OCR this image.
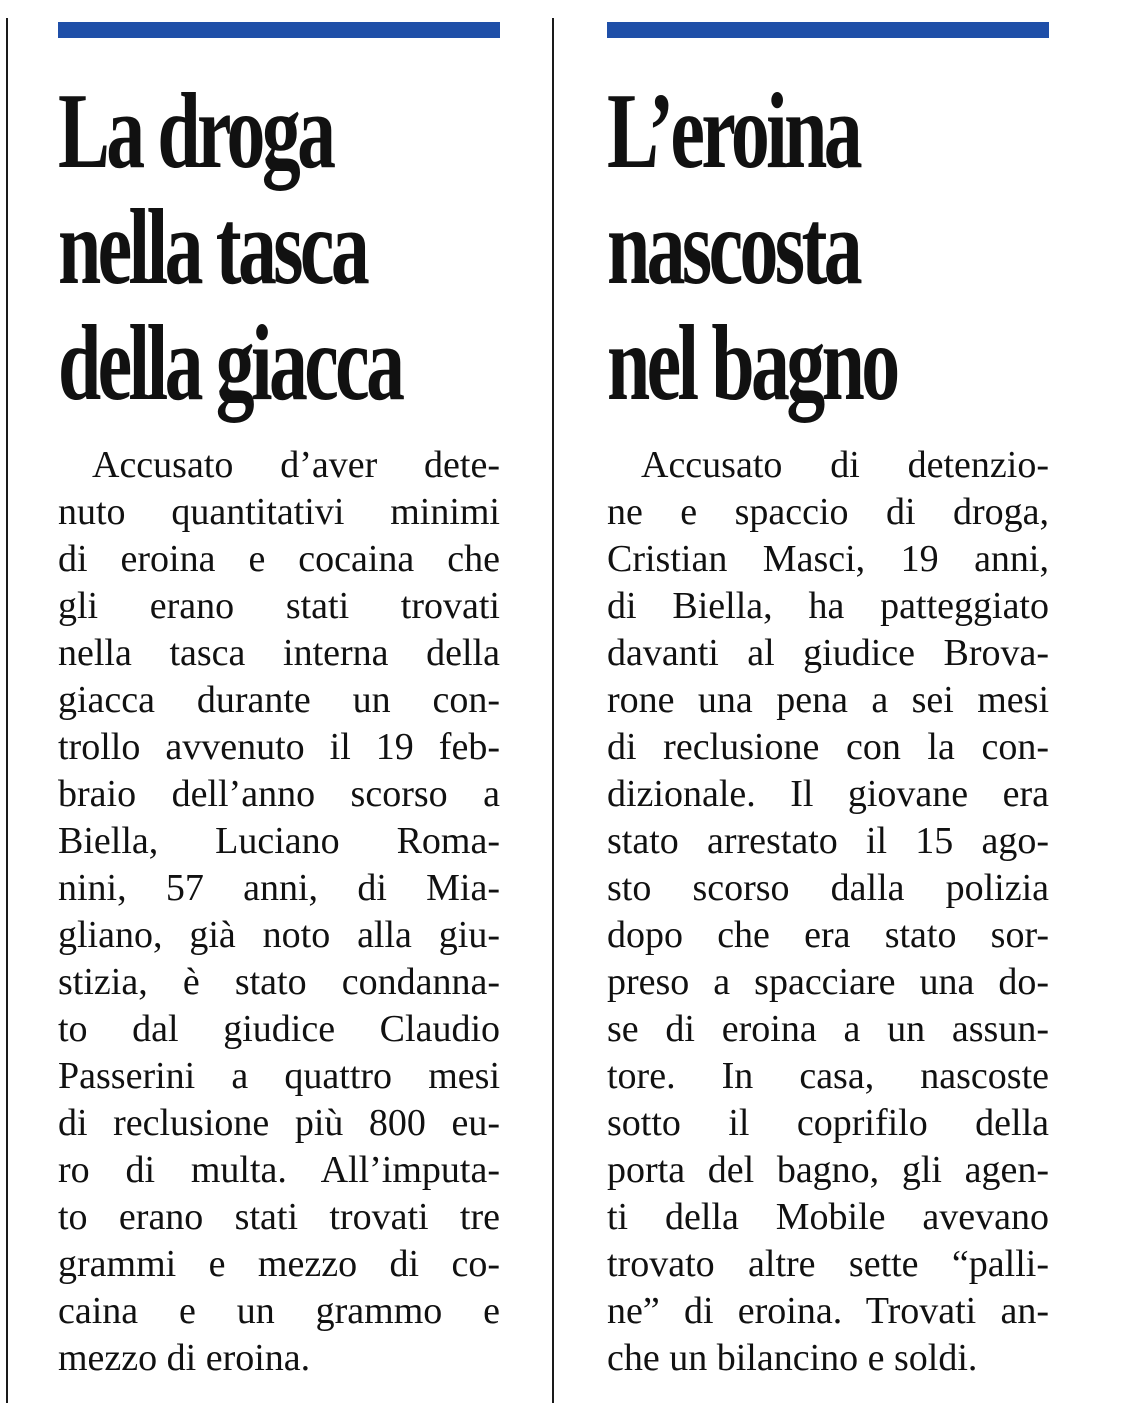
La droga
nella tasca
della giacca
Accusato d’aver dete-
nuto quantitativi minimi
di eroina e cocaina che
gli erano stati trovati
nella tasca interna della
giacca durante un con-
trollo avvenuto il 19 feb-
braio dell’anno scorso a
Biella, Luciano Roma-
nini, 57 anni, di Mia-
gliano, già noto alla giu-
stizia, è stato condanna-
to dal giudice Claudio
Passerini a quattro mesi
di reclusione più 800 eu-
ro di multa. All’imputa-
to erano stati trovati tre
grammi e mezzo di co-
caina e un grammo e
mezzo di eroina.
L’eroina
nascosta
nel bagno
Accusato di detenzio-
ne e spaccio di droga,
Cristian Masci, 19 anni,
di Biella, ha patteggiato
davanti al giudice Brova-
rone una pena a sei mesi
di reclusione con la con-
dizionale. Il giovane era
stato arrestato il 15 ago-
sto scorso dalla polizia
dopo che era stato sor-
preso a spacciare una do-
se di eroina a un assun-
tore. In casa, nascoste
sotto il coprifilo della
porta del bagno, gli agen-
ti della Mobile avevano
trovato altre sette “palli-
ne” di eroina. Trovati an-
che un bilancino e soldi.
